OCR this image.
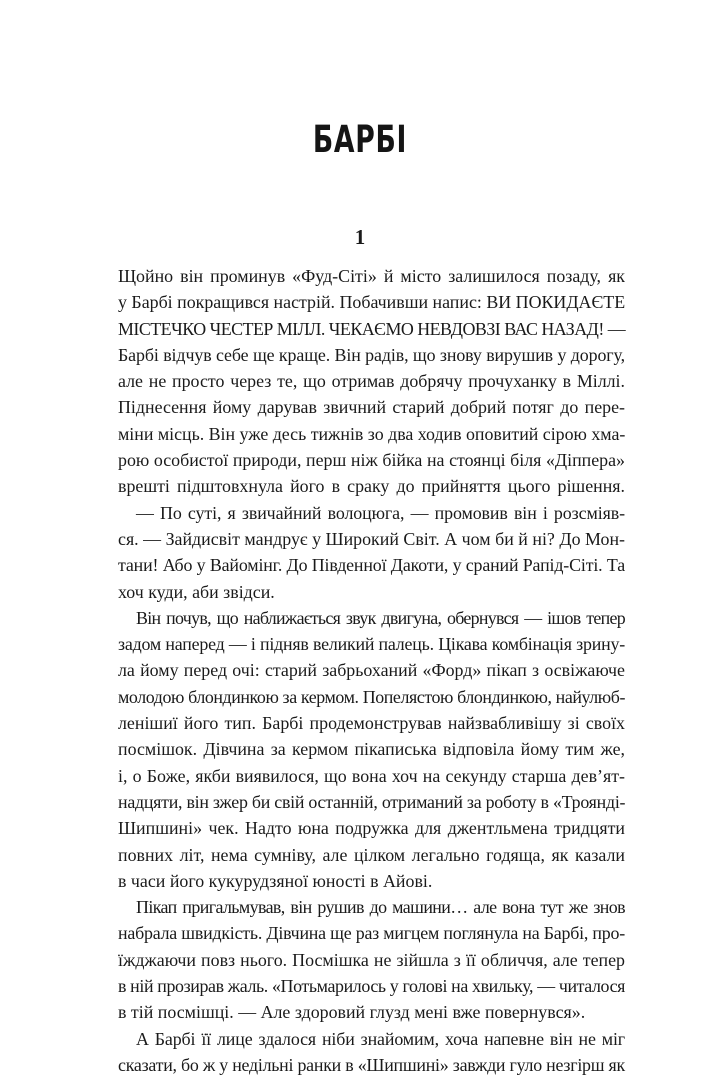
БАРБІ
1
Щойно він проминув «Фуд-Сіті» й місто залишилося позаду, як
у Барбі покращився настрій. Побачивши напис: ВИ ПОКИДАЄТЕ
МІСТЕЧКО ЧЕСТЕР МІЛЛ. ЧЕКАЄМО НЕВДОВЗІ ВАС НАЗАД! —
Барбі відчув себе ще краще. Він радів, що знову вирушив у дорогу,
але не просто через те, що отримав добрячу прочуханку в Міллі.
Піднесення йому дарував звичний старий добрий потяг до пере-
міни місць. Він уже десь тижнів зо два ходив оповитий сірою хма-
рою особистої природи, перш ніж бійка на стоянці біля «Діппера»
врешті підштовхнула його в сраку до прийняття цього рішення.
— По суті, я звичайний волоцюга, — промовив він і розсміяв-
ся. — Зайдисвіт мандрує у Широкий Світ. А чом би й ні? До Мон-
тани! Або у Вайомінг. До Південної Дакоти, у сраний Рапід-Сіті. Та
хоч куди, аби звідси.
Він почув, що наближається звук двигуна, обернувся — ішов тепер
задом наперед — і підняв великий палець. Цікава комбінація зрину-
ла йому перед очі: старий забрьоханий «Форд» пікап з освіжаюче
молодою блондинкою за кермом. Попелястою блондинкою, найулюб-
ленішиї його тип. Барбі продемонстрував найзвабливішу зі своїх
посмішок. Дівчина за кермом пікаписька відповіла йому тим же,
і, о Боже, якби виявилося, що вона хоч на секунду старша дев’ят-
надцяти, він зжер би свій останній, отриманий за роботу в «Троянді-
Шипшині» чек. Надто юна подружка для джентльмена тридцяти
повних літ, нема сумніву, але цілком легально годяща, як казали
в часи його кукурудзяної юності в Айові.
Пікап пригальмував, він рушив до машини… але вона тут же знов
набрала швидкість. Дівчина ще раз мигцем поглянула на Барбі, про-
їжджаючи повз нього. Посмішка не зійшла з її обличчя, але тепер
в ній прозирав жаль. «Потьмарилось у голові на хвильку, — читалося
в тій посмішці. — Але здоровий глузд мені вже повернувся».
А Барбі її лице здалося ніби знайомим, хоча напевне він не міг
сказати, бо ж у недільні ранки в «Шипшині» завжди гуло незгірш як
